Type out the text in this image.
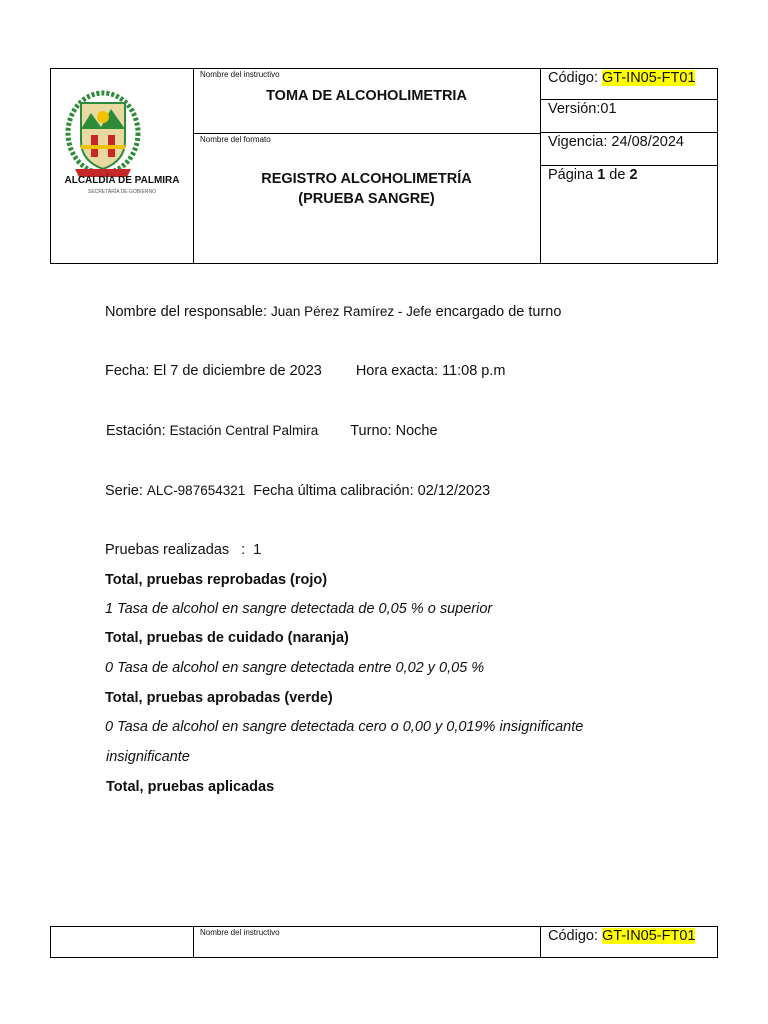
ALCALDÍA DE PALMIRA
SECRETARÍA DE GOBIERNO
Nombre del instructivo
TOMA DE ALCOHOLIMETRIA
Nombre del formato
REGISTRO ALCOHOLIMETRÍA
(PRUEBA SANGRE)
Código: GT-IN05-FT01
Versión:01
Vigencia: 24/08/2024
Página 1 de 2
Nombre del responsable: Juan Pérez Ramírez - Jefe encargado de turno
Fecha: El 7 de diciembre de 2023 Hora exacta: 11:08 p.m
Estación: Estación Central Palmira Turno: Noche
Serie: ALC-987654321 Fecha última calibración: 02/12/2023
Pruebas realizadas : 1
Total, pruebas reprobadas (rojo)
1 Tasa de alcohol en sangre detectada de 0,05 % o superior
Total, pruebas de cuidado (naranja)
0 Tasa de alcohol en sangre detectada entre 0,02 y 0,05 %
Total, pruebas aprobadas (verde)
0 Tasa de alcohol en sangre detectada cero o 0,00 y 0,019% insignificante
insignificante
Total, pruebas aplicadas
Nombre del instructivo	Código: GT-IN05-FT01
